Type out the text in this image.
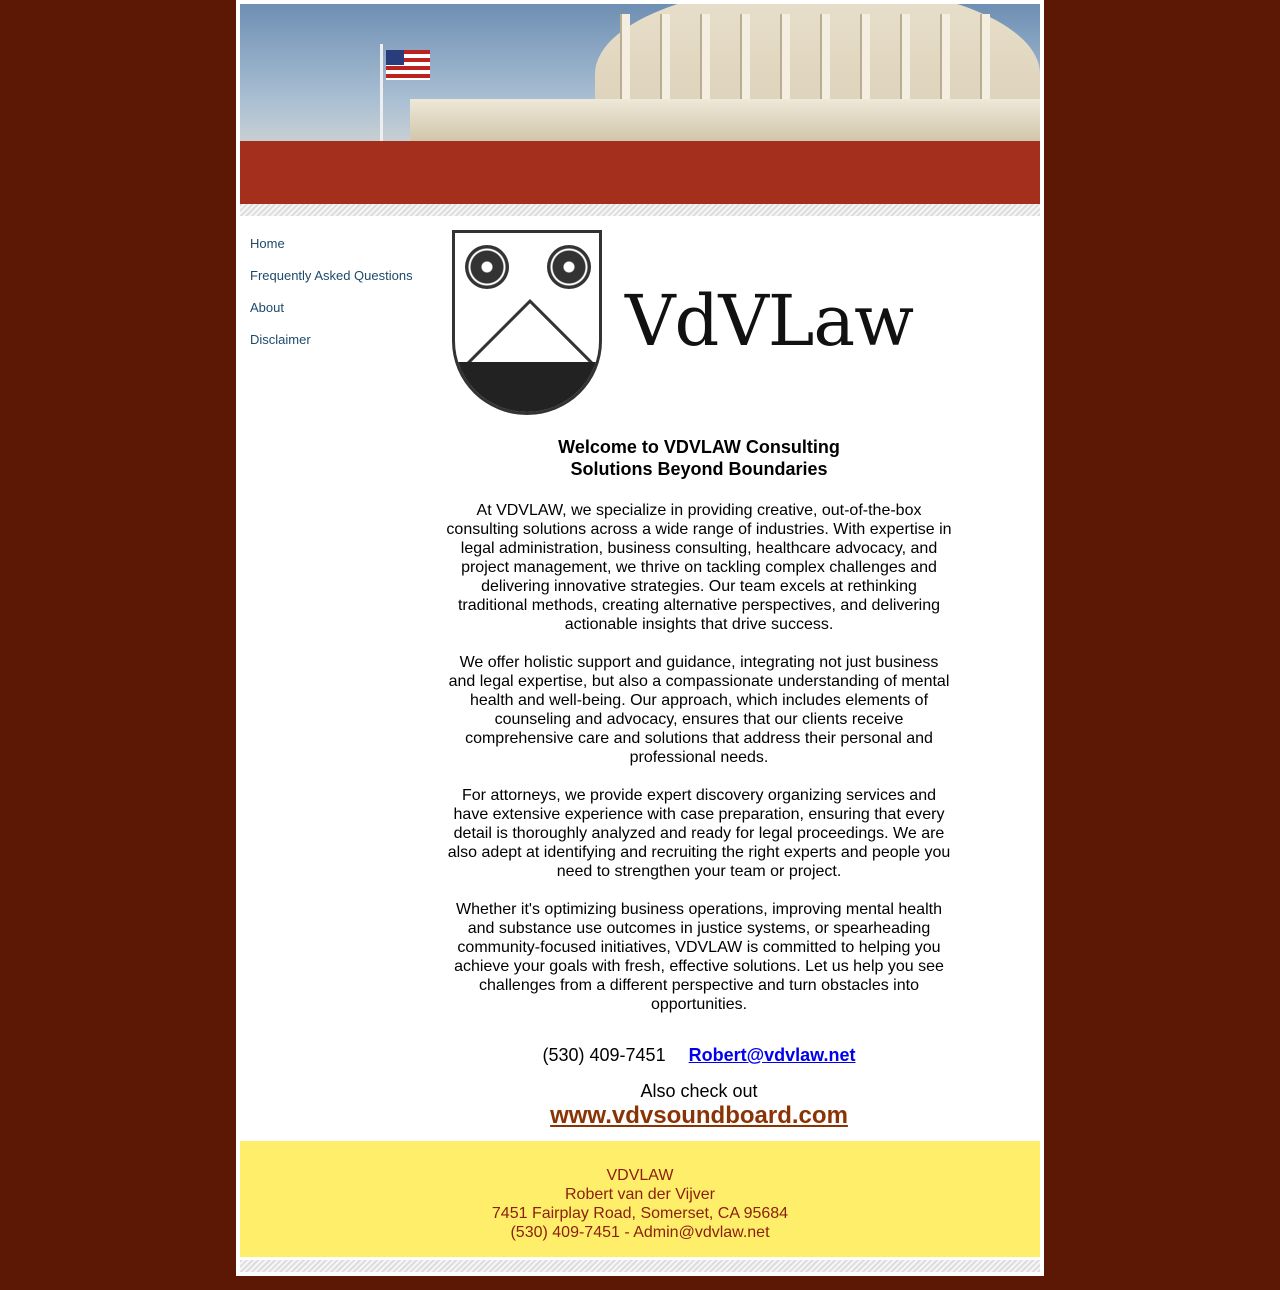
Home
Frequently Asked Questions
About
Disclaimer	VdVLaw
Welcome to VDVLAW Consulting
Solutions Beyond Boundaries

At VDVLAW, we specialize in providing creative, out-of-the-box consulting solutions across a wide range of industries. With expertise in legal administration, business consulting, healthcare advocacy, and project management, we thrive on tackling complex challenges and delivering innovative strategies. Our team excels at rethinking traditional methods, creating alternative perspectives, and delivering actionable insights that drive success.

We offer holistic support and guidance, integrating not just business and legal expertise, but also a compassionate understanding of mental health and well-being. Our approach, which includes elements of counseling and advocacy, ensures that our clients receive comprehensive care and solutions that address their personal and professional needs.

For attorneys, we provide expert discovery organizing services and have extensive experience with case preparation, ensuring that every detail is thoroughly analyzed and ready for legal proceedings. We are also adept at identifying and recruiting the right experts and people you need to strengthen your team or project.

Whether it's optimizing business operations, improving mental health and substance use outcomes in justice systems, or spearheading community-focused initiatives, VDVLAW is committed to helping you achieve your goals with fresh, effective solutions. Let us help you see challenges from a different perspective and turn obstacles into opportunities.

(530) 409-7451 Robert@vdvlaw.net
Also check out
www.vdvsoundboard.com
VDVLAW
Robert van der Vijver
7451 Fairplay Road, Somerset, CA 95684
(530) 409-7451 - Admin@vdvlaw.net
